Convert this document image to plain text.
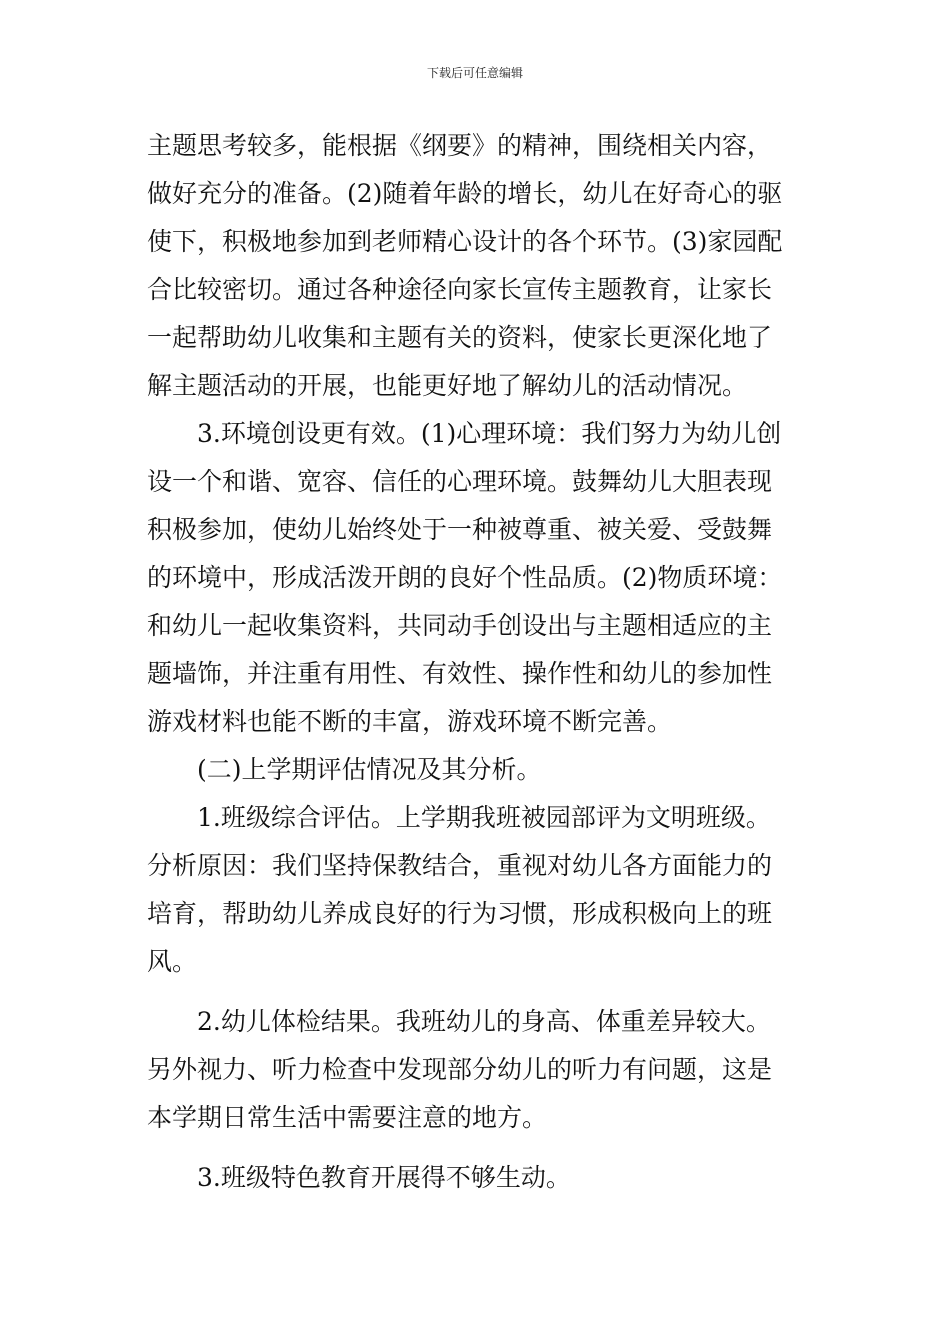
下载后可任意编辑
主题思考较多，能根据《纲要》的精神，围绕相关内容，
做好充分的准备。(2)随着年龄的增长，幼儿在好奇心的驱
使下，积极地参加到老师精心设计的各个环节。(3)家园配
合比较密切。通过各种途径向家长宣传主题教育，让家长
一起帮助幼儿收集和主题有关的资料，使家长更深化地了
解主题活动的开展，也能更好地了解幼儿的活动情况。
3.环境创设更有效。(1)心理环境：我们努力为幼儿创
设一个和谐、宽容、信任的心理环境。鼓舞幼儿大胆表现
积极参加，使幼儿始终处于一种被尊重、被关爱、受鼓舞
的环境中，形成活泼开朗的良好个性品质。(2)物质环境：
和幼儿一起收集资料，共同动手创设出与主题相适应的主
题墙饰，并注重有用性、有效性、操作性和幼儿的参加性
游戏材料也能不断的丰富，游戏环境不断完善。
(二)上学期评估情况及其分析。
1.班级综合评估。上学期我班被园部评为文明班级。
分析原因：我们坚持保教结合，重视对幼儿各方面能力的
培育，帮助幼儿养成良好的行为习惯，形成积极向上的班
风。
2.幼儿体检结果。我班幼儿的身高、体重差异较大。
另外视力、听力检查中发现部分幼儿的听力有问题，这是
本学期日常生活中需要注意的地方。
3.班级特色教育开展得不够生动。
